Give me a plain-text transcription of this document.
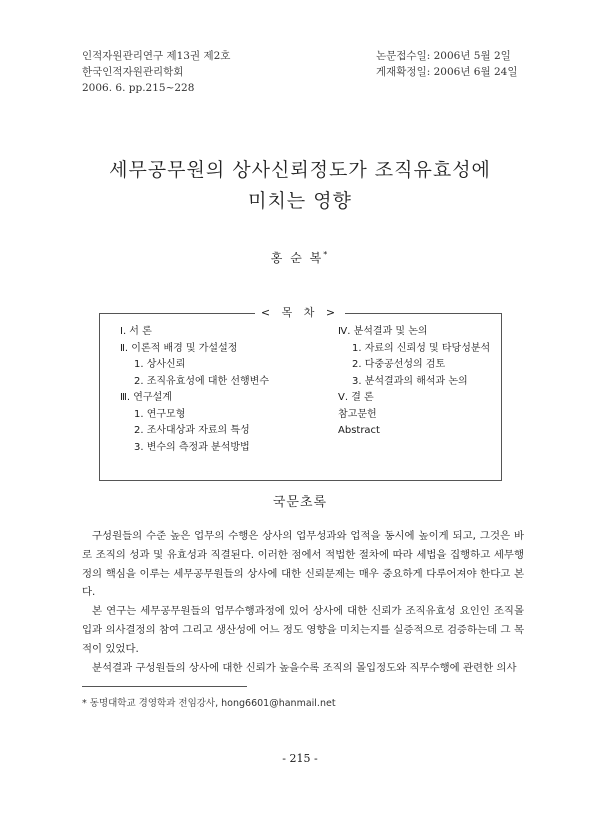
인적자원관리연구 제13권 제2호
한국인적자원관리학회
2006. 6. pp.215~228
논문접수일: 2006년 5월 2일
게재확정일: 2006년 6월 24일
세무공무원의 상사신뢰정도가 조직유효성에
미치는 영향
홍 순 복*
< 목 차 >
Ⅰ. 서 론
Ⅱ. 이론적 배경 및 가설설정
1. 상사신뢰
2. 조직유효성에 대한 선행변수
Ⅲ. 연구설계
1. 연구모형
2. 조사대상과 자료의 특성
3. 변수의 측정과 분석방법
Ⅳ. 분석결과 및 논의
1. 자료의 신뢰성 및 타당성분석
2. 다중공선성의 검토
3. 분석결과의 해석과 논의
Ⅴ. 결 론
참고문헌
Abstract
국문초록

구성원들의 수준 높은 업무의 수행은 상사의 업무성과와 업적을 동시에 높이게 되고, 그것은 바로 조직의 성과 및 유효성과 직결된다. 이러한 점에서 적법한 절차에 따라 세법을 집행하고 세무행정의 핵심을 이루는 세무공무원들의 상사에 대한 신뢰문제는 매우 중요하게 다루어져야 한다고 본다.

본 연구는 세무공무원들의 업무수행과정에 있어 상사에 대한 신뢰가 조직유효성 요인인 조직몰입과 의사결정의 참여 그리고 생산성에 어느 정도 영향을 미치는지를 실증적으로 검증하는데 그 목적이 있었다.

분석결과 구성원들의 상사에 대한 신뢰가 높을수록 조직의 몰입정도와 직무수행에 관련한 의사

* 동명대학교 경영학과 전임강사, hong6601@hanmail.net
- 215 -
